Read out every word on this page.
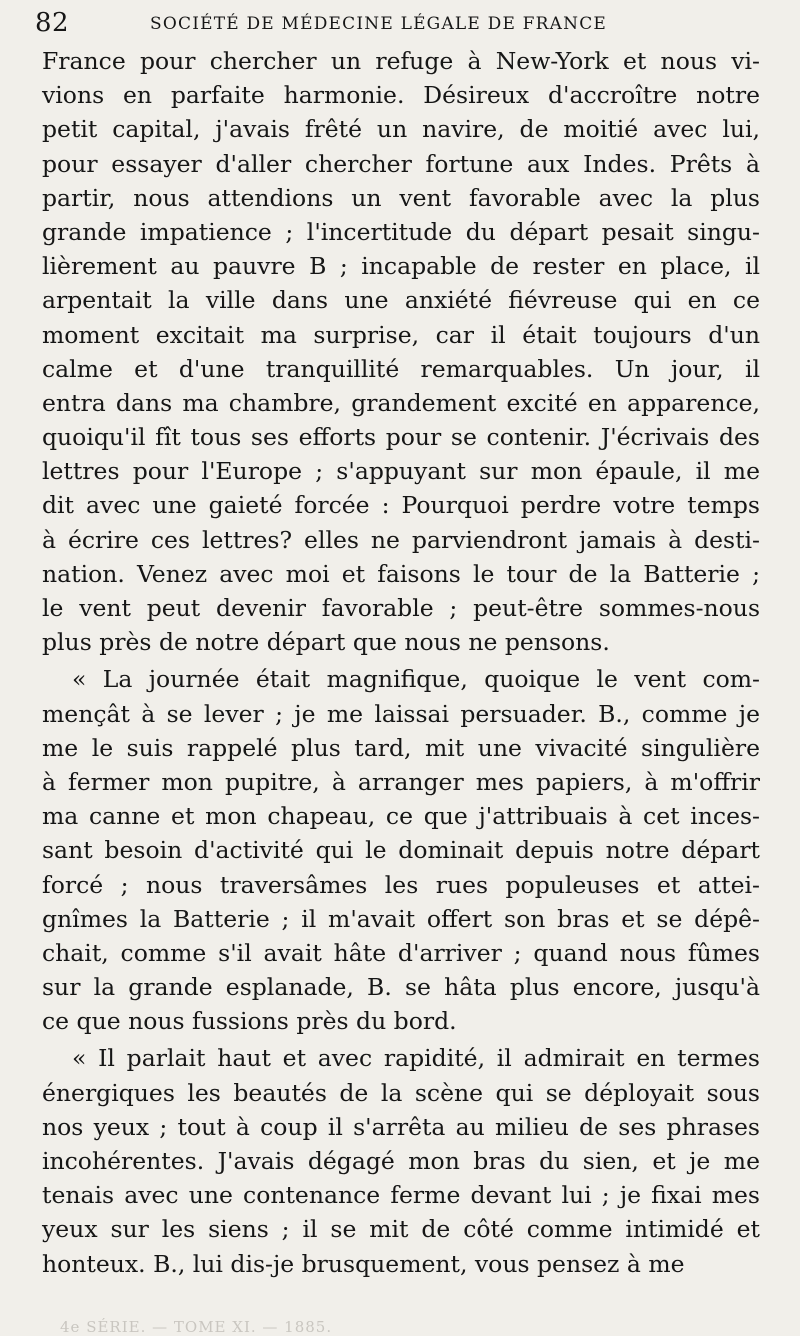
82	SOCIÉTÉ DE MÉDECINE LÉGALE DE FRANCE
France pour chercher un refuge à New-York et nous vi-
vions en parfaite harmonie. Désireux d'accroître notre
petit capital, j'avais frêté un navire, de moitié avec lui,
pour essayer d'aller chercher fortune aux Indes. Prêts à
partir, nous attendions un vent favorable avec la plus
grande impatience ; l'incertitude du départ pesait singu-
lièrement au pauvre B ; incapable de rester en place, il
arpentait la ville dans une anxiété fiévreuse qui en ce
moment excitait ma surprise, car il était toujours d'un
calme et d'une tranquillité remarquables. Un jour, il
entra dans ma chambre, grandement excité en apparence,
quoiqu'il fît tous ses efforts pour se contenir. J'écrivais des
lettres pour l'Europe ; s'appuyant sur mon épaule, il me
dit avec une gaieté forcée : Pourquoi perdre votre temps
à écrire ces lettres? elles ne parviendront jamais à desti-
nation. Venez avec moi et faisons le tour de la Batterie ;
le vent peut devenir favorable ; peut-être sommes-nous
plus près de notre départ que nous ne pensons.
« La journée était magnifique, quoique le vent com-
mençât à se lever ; je me laissai persuader. B., comme je
me le suis rappelé plus tard, mit une vivacité singulière
à fermer mon pupitre, à arranger mes papiers, à m'offrir
ma canne et mon chapeau, ce que j'attribuais à cet inces-
sant besoin d'activité qui le dominait depuis notre départ
forcé ; nous traversâmes les rues populeuses et attei-
gnîmes la Batterie ; il m'avait offert son bras et se dépê-
chait, comme s'il avait hâte d'arriver ; quand nous fûmes
sur la grande esplanade, B. se hâta plus encore, jusqu'à
ce que nous fussions près du bord.
« Il parlait haut et avec rapidité, il admirait en termes
énergiques les beautés de la scène qui se déployait sous
nos yeux ; tout à coup il s'arrêta au milieu de ses phrases
incohérentes. J'avais dégagé mon bras du sien, et je me
tenais avec une contenance ferme devant lui ; je fixai mes
yeux sur les siens ; il se mit de côté comme intimidé et
honteux. B., lui dis-je brusquement, vous pensez à me
4e SÉRIE. — TOME XI. — 1885.
